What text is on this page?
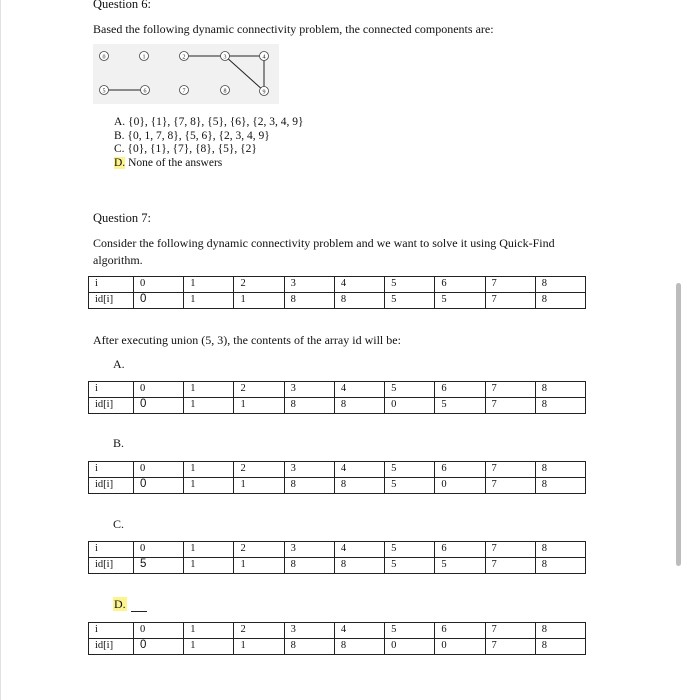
Question 6:
Based the following dynamic connectivity problem, the connected components are:
0	1	2	3	4
5	6	7	8	9
A. {0}, {1}, {7, 8}, {5}, {6}, {2, 3, 4, 9}
B. {0, 1, 7, 8}, {5, 6}, {2, 3, 4, 9}
C. {0}, {1}, {7}, {8}, {5}, {2}
D. None of the answers
Question 7:
Consider the following dynamic connectivity problem and we want to solve it using Quick-Find algorithm.
i	0	1	2	3	4	5	6	7	8
id[i]	0	1	1	8	8	5	5	7	8
After executing union (5, 3), the contents of the array id will be:
A.
i	0	1	2	3	4	5	6	7	8
id[i]	0	1	1	8	8	0	5	7	8
B.
i	0	1	2	3	4	5	6	7	8
id[i]	0	1	1	8	8	5	0	7	8
C.
i	0	1	2	3	4	5	6	7	8
id[i]	5	1	1	8	8	5	5	7	8
D.
i	0	1	2	3	4	5	6	7	8
id[i]	0	1	1	8	8	0	0	7	8
